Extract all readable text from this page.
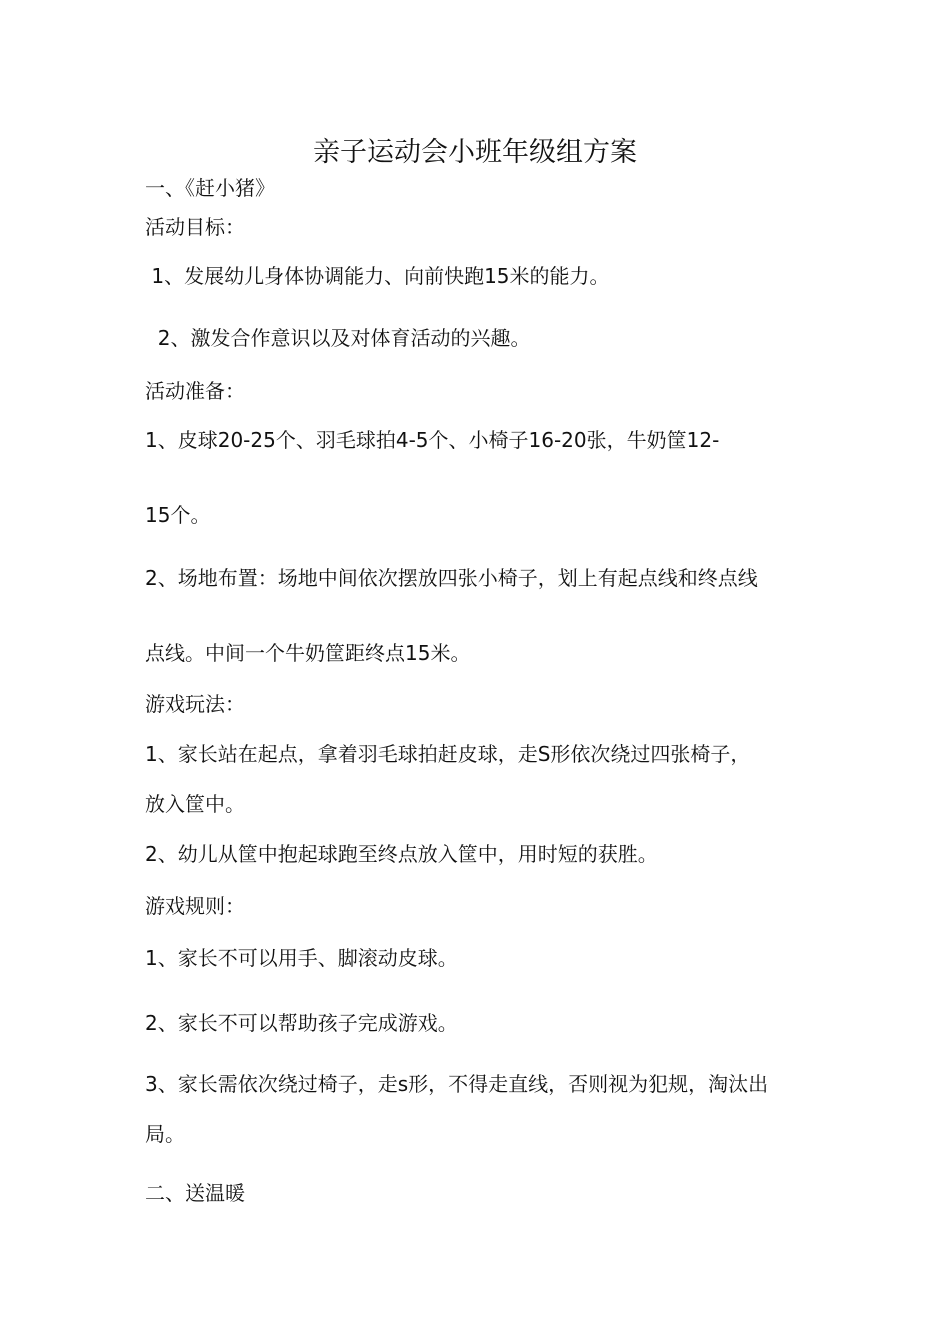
亲子运动会小班年级组方案
一、《赶小猪》
活动目标：
1、发展幼儿身体协调能力、向前快跑15米的能力。
2、激发合作意识以及对体育活动的兴趣。
活动准备：
1、皮球20-25个、羽毛球拍4-5个、小椅子16-20张，牛奶筐12-
15个。
2、场地布置：场地中间依次摆放四张小椅子，划上有起点线和终点线
点线。中间一个牛奶筐距终点15米。
游戏玩法：
1、家长站在起点，拿着羽毛球拍赶皮球，走S形依次绕过四张椅子，
放入筐中。
2、幼儿从筐中抱起球跑至终点放入筐中，用时短的获胜。
游戏规则：
1、家长不可以用手、脚滚动皮球。
2、家长不可以帮助孩子完成游戏。
3、家长需依次绕过椅子，走s形，不得走直线，否则视为犯规，淘汰出
局。
二、送温暖
